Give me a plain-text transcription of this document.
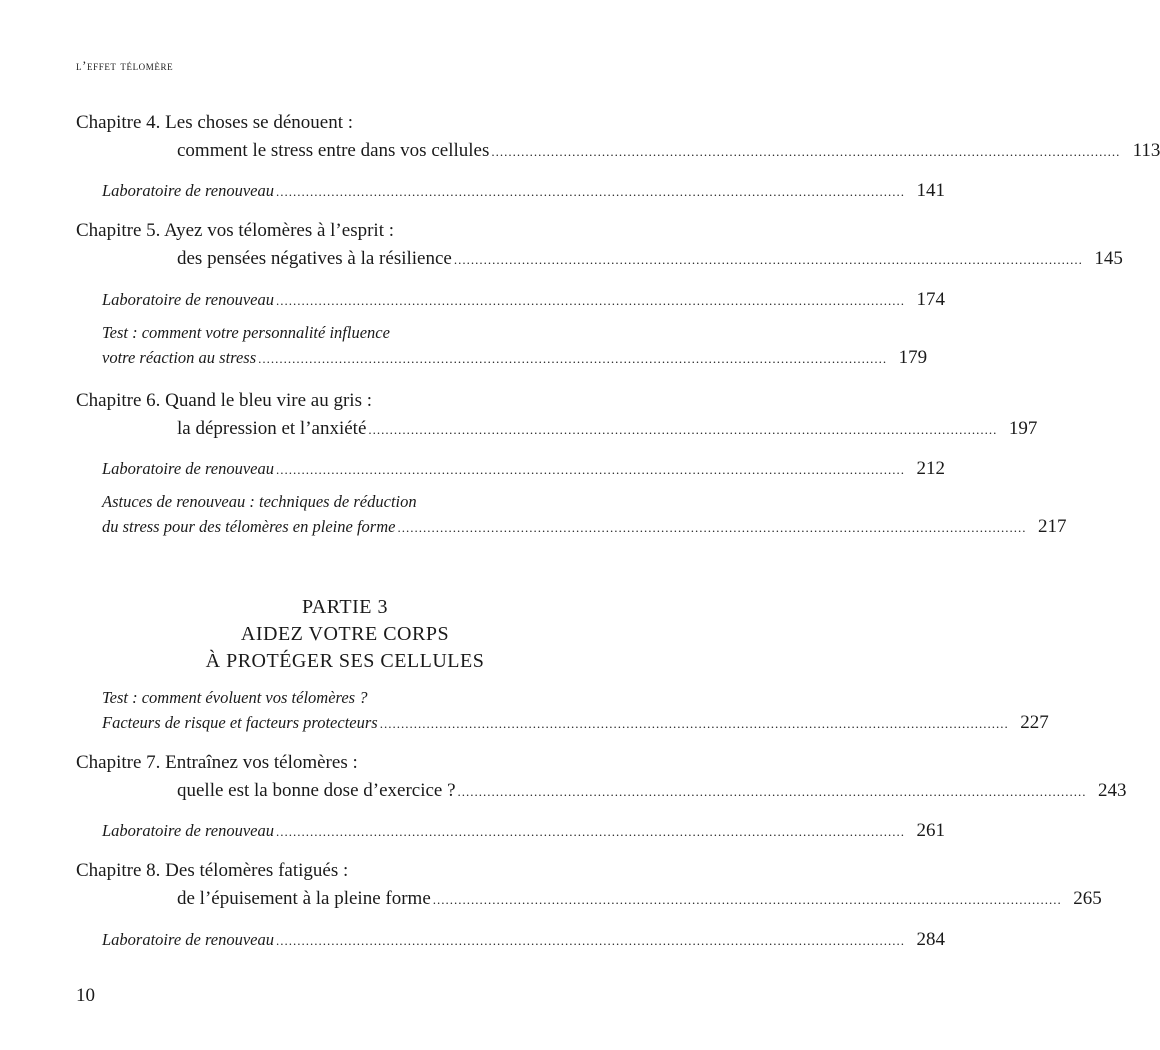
l’effet télomère
Chapitre 4. Les choses se dénouent :
comment le stress entre dans vos cellules .................................................................................................................................................... 113
Laboratoire de renouveau .................................................................................................................................................... 141
Chapitre 5. Ayez vos télomères à l’esprit :
des pensées négatives à la résilience .................................................................................................................................................... 145
Laboratoire de renouveau .................................................................................................................................................... 174
Test : comment votre personnalité influence
votre réaction au stress .................................................................................................................................................... 179
Chapitre 6. Quand le bleu vire au gris :
la dépression et l’anxiété .................................................................................................................................................... 197
Laboratoire de renouveau .................................................................................................................................................... 212
Astuces de renouveau : techniques de réduction
du stress pour des télomères en pleine forme .................................................................................................................................................... 217
PARTIE 3
AIDEZ VOTRE CORPS
À PROTÉGER SES CELLULES
Test : comment évoluent vos télomères ?
Facteurs de risque et facteurs protecteurs .................................................................................................................................................... 227
Chapitre 7. Entraînez vos télomères :
quelle est la bonne dose d’exercice ? .................................................................................................................................................... 243
Laboratoire de renouveau .................................................................................................................................................... 261
Chapitre 8. Des télomères fatigués :
de l’épuisement à la pleine forme .................................................................................................................................................... 265
Laboratoire de renouveau .................................................................................................................................................... 284
10
